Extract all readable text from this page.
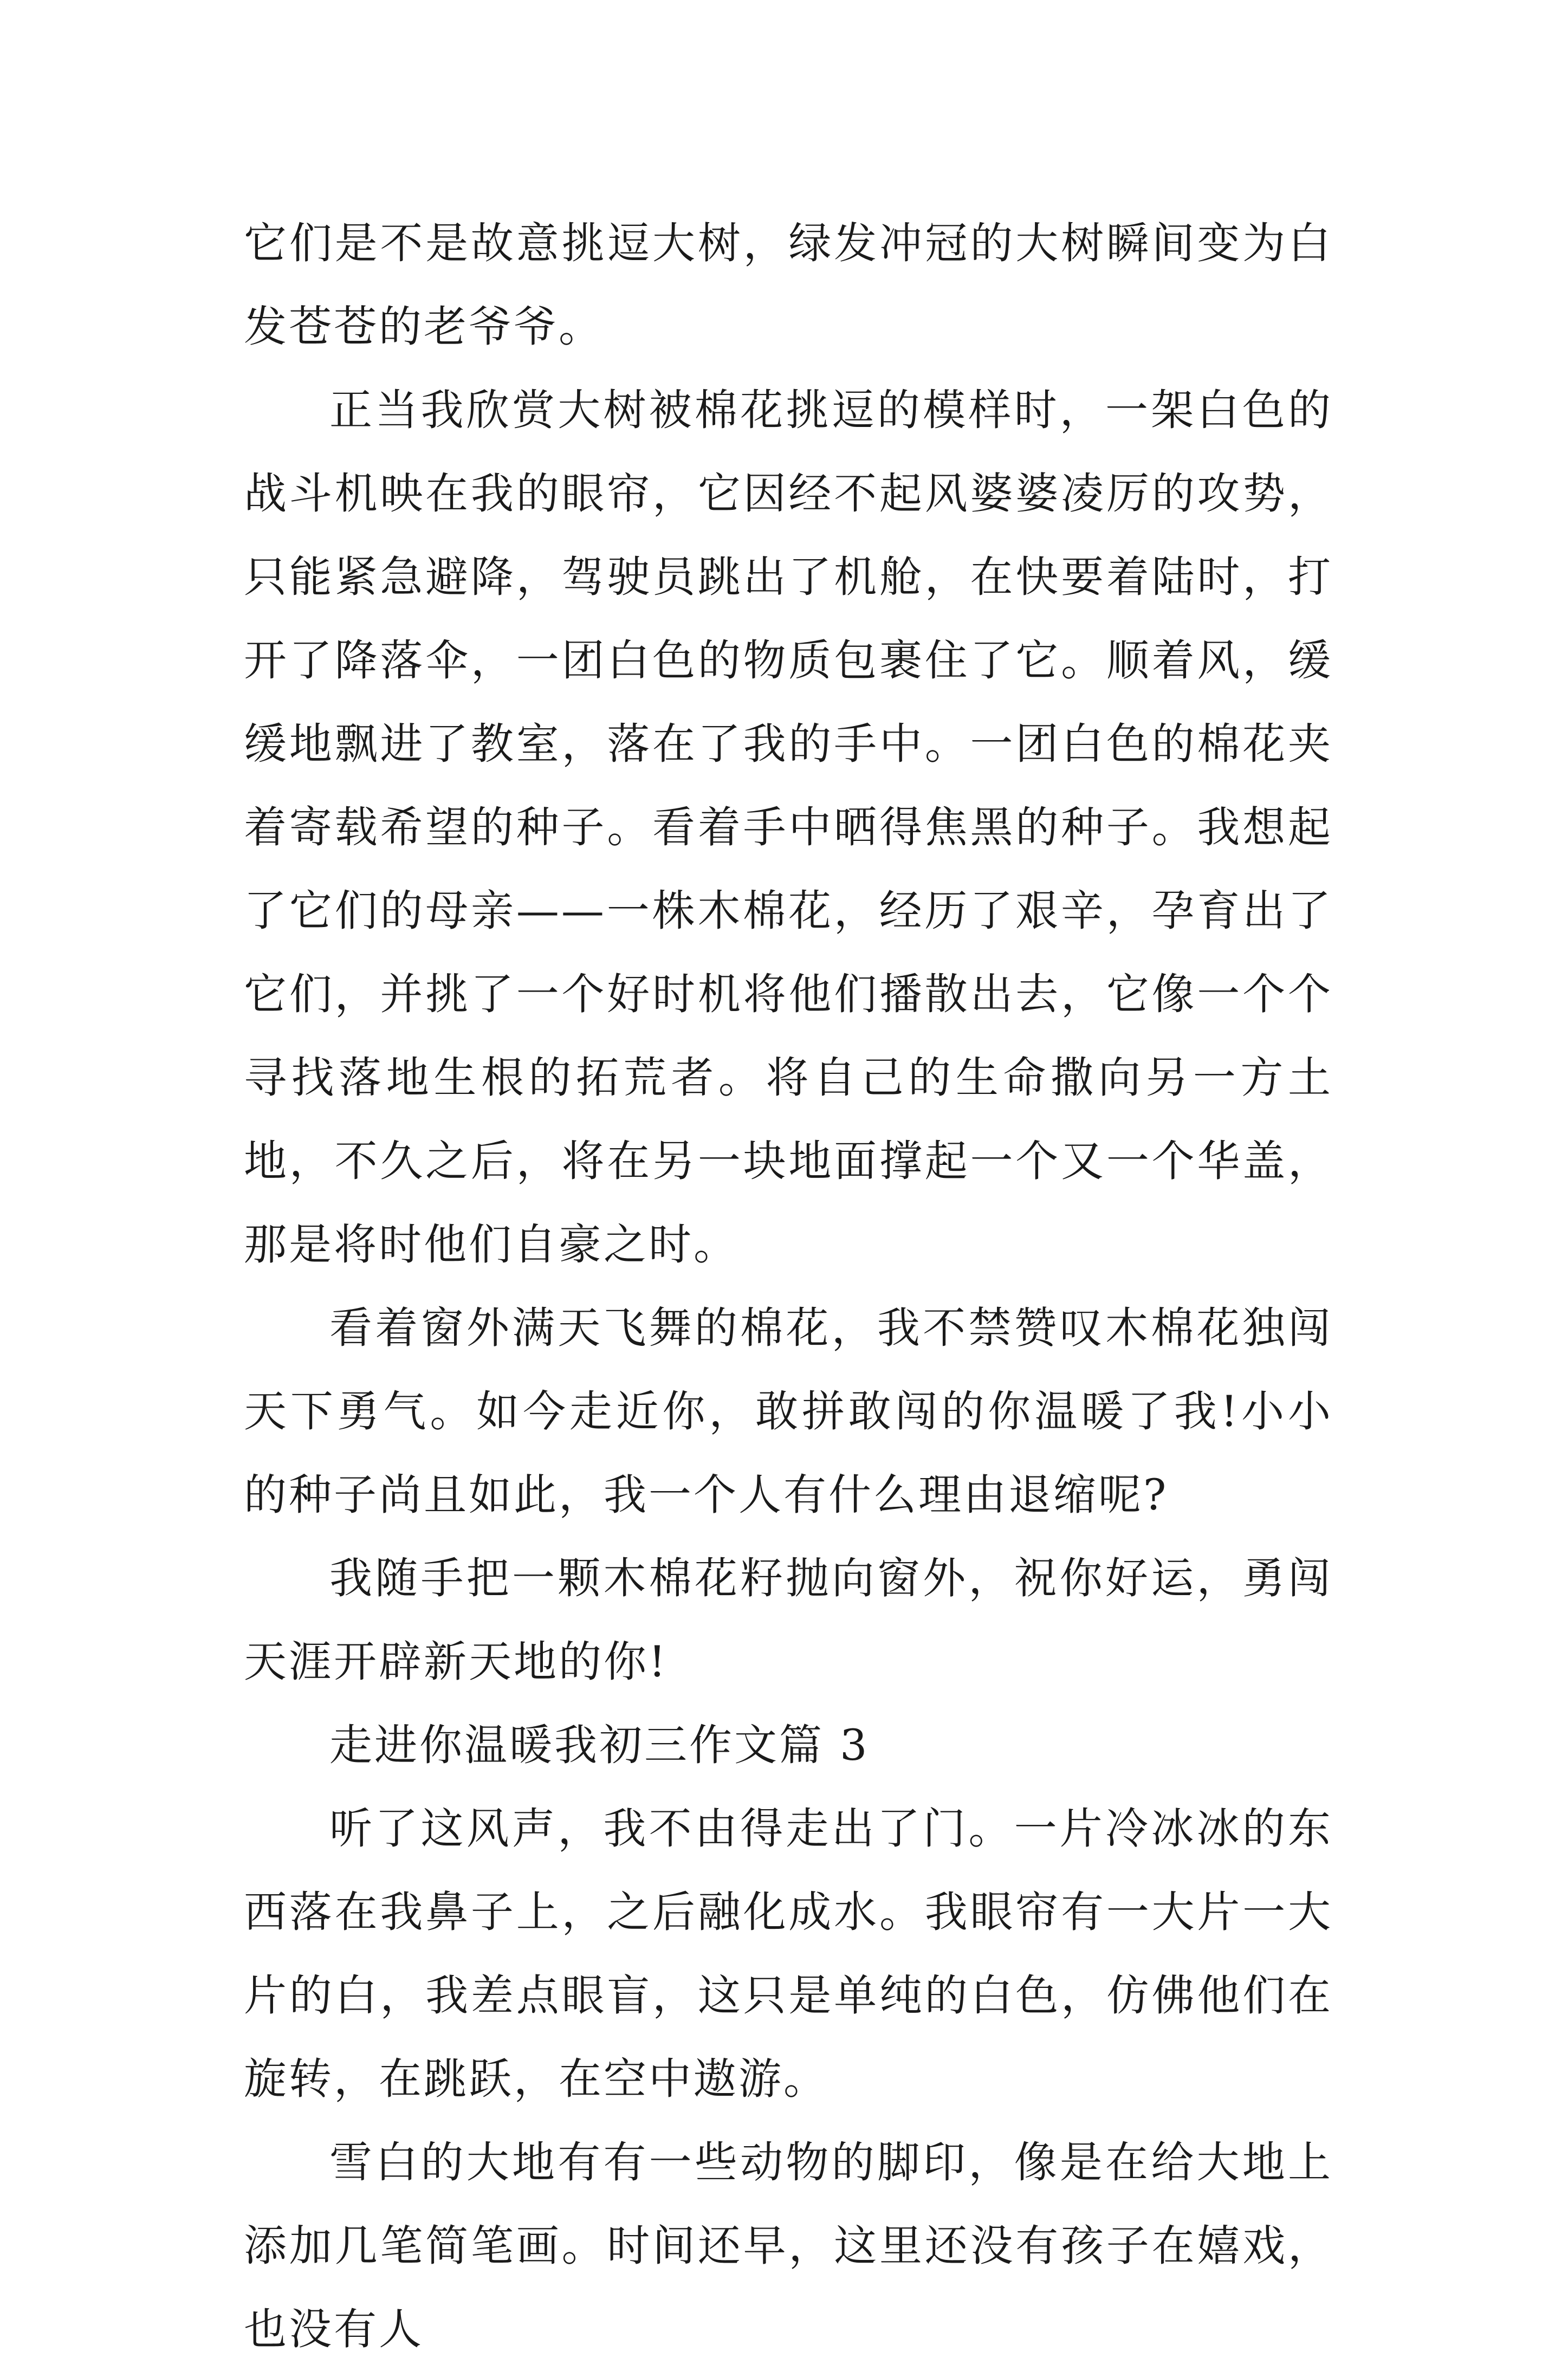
它们是不是故意挑逗大树，绿发冲冠的大树瞬间变为白发苍苍的老爷爷。

正当我欣赏大树被棉花挑逗的模样时，一架白色的战斗机映在我的眼帘，它因经不起风婆婆凌厉的攻势，只能紧急避降，驾驶员跳出了机舱，在快要着陆时，打开了降落伞，一团白色的物质包裹住了它。顺着风，缓缓地飘进了教室，落在了我的手中。一团白色的棉花夹着寄载希望的种子。看着手中晒得焦黑的种子。我想起了它们的母亲——一株木棉花，经历了艰辛，孕育出了它们，并挑了一个好时机将他们播散出去，它像一个个寻找落地生根的拓荒者。将自己的生命撒向另一方土地，不久之后，将在另一块地面撑起一个又一个华盖，那是将时他们自豪之时。

看着窗外满天飞舞的棉花，我不禁赞叹木棉花独闯天下勇气。如今走近你，敢拼敢闯的你温暖了我!小小的种子尚且如此，我一个人有什么理由退缩呢?

我随手把一颗木棉花籽抛向窗外，祝你好运，勇闯天涯开辟新天地的你!

走进你温暖我初三作文篇 3

听了这风声，我不由得走出了门。一片冷冰冰的东西落在我鼻子上，之后融化成水。我眼帘有一大片一大片的白，我差点眼盲，这只是单纯的白色，仿佛他们在旋转，在跳跃，在空中遨游。

雪白的大地有有一些动物的脚印，像是在给大地上添加几笔简笔画。时间还早，这里还没有孩子在嬉戏，也没有人
